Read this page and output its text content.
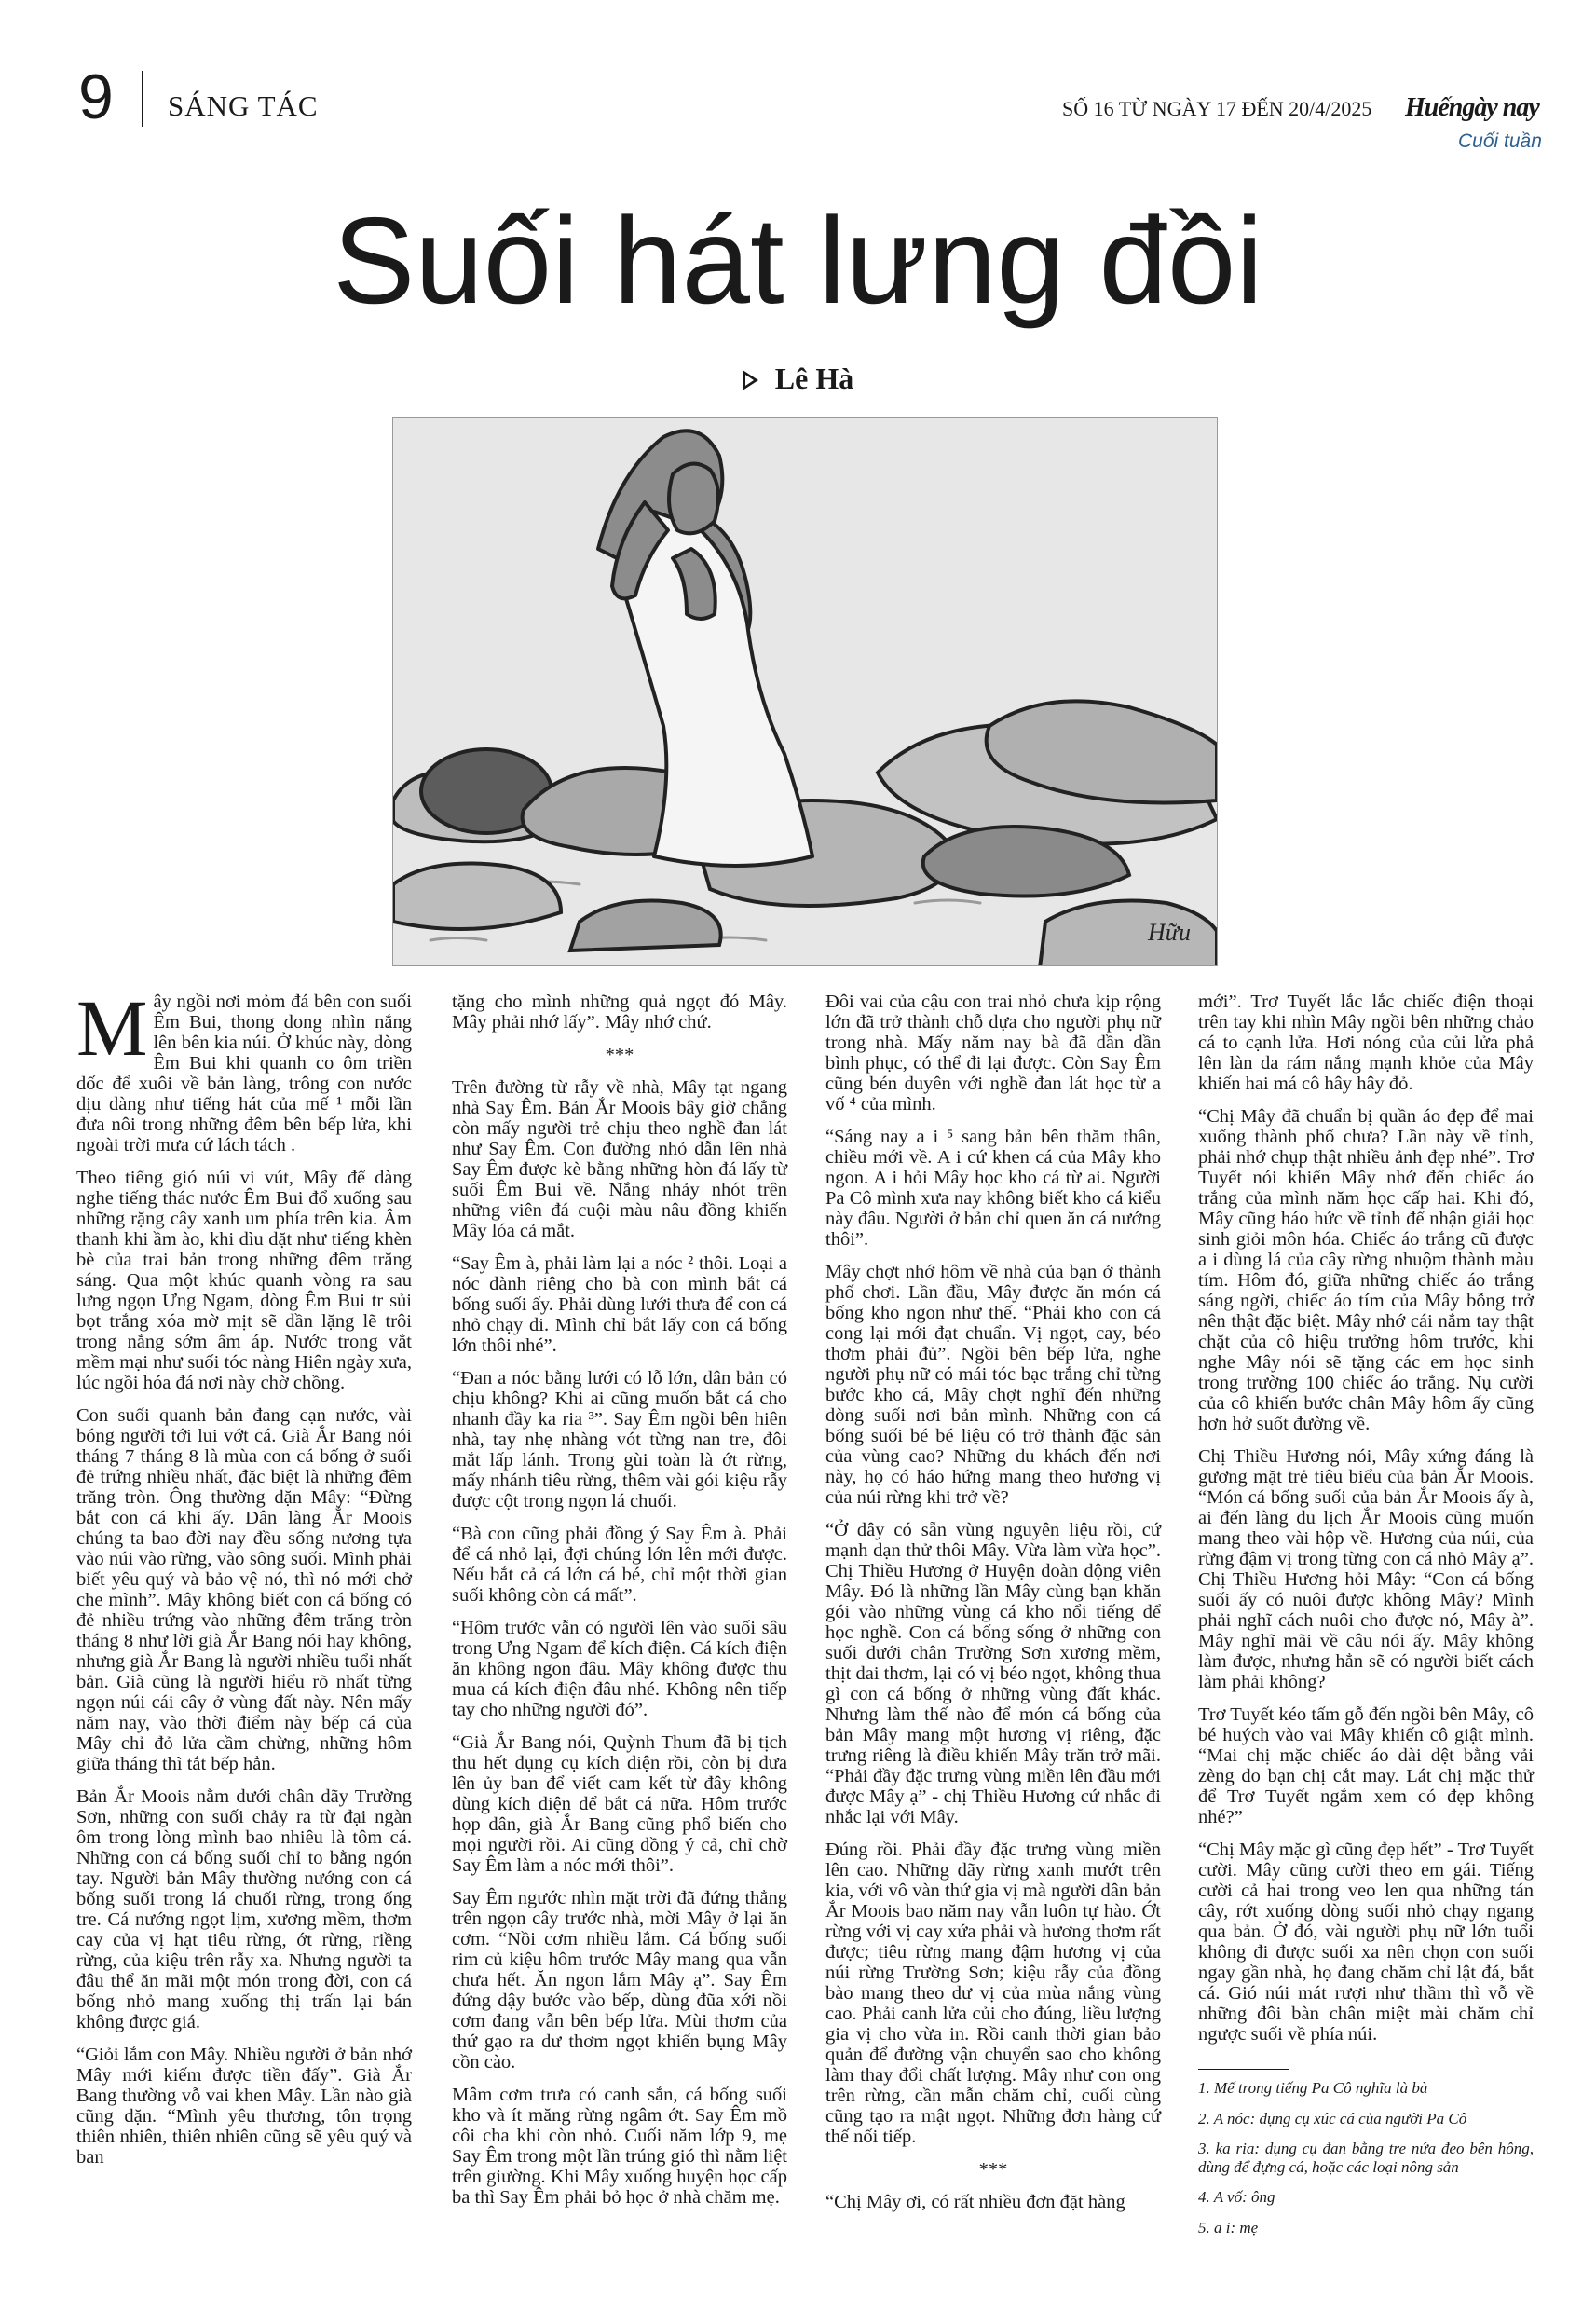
9 SÁNG TÁC	SỐ 16 TỪ NGÀY 17 ĐẾN 20/4/2025 Huếngày nay
Cuối tuần
Suối hát lưng đồi
Lê Hà
Hữu

Mây ngồi nơi mỏm đá bên con suối Êm Bui, thong dong nhìn nắng lên bên kia núi. Ở khúc này, dòng Êm Bui khi quanh co ôm triền dốc để xuôi về bản làng, trông con nước dịu dàng như tiếng hát của mế ¹ mỗi lần đưa nôi trong những đêm bên bếp lửa, khi ngoài trời mưa cứ lách tách .

Theo tiếng gió núi vi vút, Mây để dàng nghe tiếng thác nước Êm Bui đổ xuống sau những rặng cây xanh um phía trên kia. Âm thanh khi ầm ào, khi dìu dặt như tiếng khèn bè của trai bản trong những đêm trăng sáng. Qua một khúc quanh vòng ra sau lưng ngọn Ưng Ngam, dòng Êm Bui tr sủi bọt trắng xóa mờ mịt sẽ dần lặng lẽ trôi trong nắng sớm ấm áp. Nước trong vắt mềm mại như suối tóc nàng Hiên ngày xưa, lúc ngồi hóa đá nơi này chờ chồng.

Con suối quanh bản đang cạn nước, vài bóng người tới lui vớt cá. Già Ắr Bang nói tháng 7 tháng 8 là mùa con cá bống ở suối đẻ trứng nhiều nhất, đặc biệt là những đêm trăng tròn. Ông thường dặn Mây: “Đừng bắt con cá khi ấy. Dân làng Ắr Moois chúng ta bao đời nay đều sống nương tựa vào núi vào rừng, vào sông suối. Mình phải biết yêu quý và bảo vệ nó, thì nó mới chở che mình”. Mây không biết con cá bống có đẻ nhiều trứng vào những đêm trăng tròn tháng 8 như lời già Ắr Bang nói hay không, nhưng già Ắr Bang là người nhiều tuổi nhất bản. Già cũng là người hiểu rõ nhất từng ngọn núi cái cây ở vùng đất này. Nên mấy năm nay, vào thời điểm này bếp cá của Mây chỉ đỏ lửa cầm chừng, những hôm giữa tháng thì tắt bếp hẳn.

Bản Ắr Moois nằm dưới chân dãy Trường Sơn, những con suối chảy ra từ đại ngàn ôm trong lòng mình bao nhiêu là tôm cá. Những con cá bống suối chỉ to bằng ngón tay. Người bản Mây thường nướng con cá bống suối trong lá chuối rừng, trong ống tre. Cá nướng ngọt lịm, xương mềm, thơm cay của vị hạt tiêu rừng, ớt rừng, riềng rừng, của kiệu trên rẫy xa. Nhưng người ta đâu thể ăn mãi một món trong đời, con cá bống nhỏ mang xuống thị trấn lại bán không được giá.

“Giỏi lắm con Mây. Nhiều người ở bản nhớ Mây mới kiếm được tiền đấy”. Già Ắr Bang thường vỗ vai khen Mây. Lần nào già cũng dặn. “Mình yêu thương, tôn trọng thiên nhiên, thiên nhiên cũng sẽ yêu quý và ban

tặng cho mình những quả ngọt đó Mây. Mây phải nhớ lấy”. Mây nhớ chứ.

***

Trên đường từ rẫy về nhà, Mây tạt ngang nhà Say Êm. Bản Ắr Moois bây giờ chẳng còn mấy người trẻ chịu theo nghề đan lát như Say Êm. Con đường nhỏ dẫn lên nhà Say Êm được kè bằng những hòn đá lấy từ suối Êm Bui về. Nắng nhảy nhót trên những viên đá cuội màu nâu đồng khiến Mây lóa cả mắt.

“Say Êm à, phải làm lại a nóc ² thôi. Loại a nóc dành riêng cho bà con mình bắt cá bống suối ấy. Phải dùng lưới thưa để con cá nhỏ chạy đi. Mình chỉ bắt lấy con cá bống lớn thôi nhé”.

“Đan a nóc bằng lưới có lỗ lớn, dân bản có chịu không? Khi ai cũng muốn bắt cá cho nhanh đầy ka ria ³”. Say Êm ngồi bên hiên nhà, tay nhẹ nhàng vót từng nan tre, đôi mắt lấp lánh. Trong gùi toàn là ớt rừng, mấy nhánh tiêu rừng, thêm vài gói kiệu rẫy được cột trong ngọn lá chuối.

“Bà con cũng phải đồng ý Say Êm à. Phải để cá nhỏ lại, đợi chúng lớn lên mới được. Nếu bắt cả cá lớn cá bé, chỉ một thời gian suối không còn cá mất”.

“Hôm trước vẫn có người lên vào suối sâu trong Ưng Ngam để kích điện. Cá kích điện ăn không ngon đâu. Mây không được thu mua cá kích điện đâu nhé. Không nên tiếp tay cho những người đó”.

“Già Ắr Bang nói, Quỳnh Thum đã bị tịch thu hết dụng cụ kích điện rồi, còn bị đưa lên ủy ban để viết cam kết từ đây không dùng kích điện để bắt cá nữa. Hôm trước họp dân, già Ắr Bang cũng phổ biến cho mọi người rồi. Ai cũng đồng ý cả, chỉ chờ Say Êm làm a nóc mới thôi”.

Say Êm ngước nhìn mặt trời đã đứng thẳng trên ngọn cây trước nhà, mời Mây ở lại ăn cơm. “Nồi cơm nhiều lắm. Cá bống suối rim củ kiệu hôm trước Mây mang qua vẫn chưa hết. Ăn ngon lắm Mây ạ”. Say Êm đứng dậy bước vào bếp, dùng đũa xới nồi cơm đang vẫn bên bếp lửa. Mùi thơm của thứ gạo ra dư thơm ngọt khiến bụng Mây cồn cào.

Mâm cơm trưa có canh sắn, cá bống suối kho và ít măng rừng ngâm ớt. Say Êm mồ côi cha khi còn nhỏ. Cuối năm lớp 9, mẹ Say Êm trong một lần trúng gió thì nằm liệt trên giường. Khi Mây xuống huyện học cấp ba thì Say Êm phải bỏ học ở nhà chăm mẹ.

Đôi vai của cậu con trai nhỏ chưa kịp rộng lớn đã trở thành chỗ dựa cho người phụ nữ trong nhà. Mấy năm nay bà đã dần dần bình phục, có thể đi lại được. Còn Say Êm cũng bén duyên với nghề đan lát học từ a vố ⁴ của mình.

“Sáng nay a i ⁵ sang bản bên thăm thân, chiều mới về. A i cứ khen cá của Mây kho ngon. A i hỏi Mây học kho cá từ ai. Người Pa Cô mình xưa nay không biết kho cá kiểu này đâu. Người ở bản chỉ quen ăn cá nướng thôi”.

Mây chợt nhớ hôm về nhà của bạn ở thành phố chơi. Lần đầu, Mây được ăn món cá bống kho ngon như thế. “Phải kho con cá cong lại mới đạt chuẩn. Vị ngọt, cay, béo thơm phải đủ”. Ngồi bên bếp lửa, nghe người phụ nữ có mái tóc bạc trắng chỉ từng bước kho cá, Mây chợt nghĩ đến những dòng suối nơi bản mình. Những con cá bống suối bé bé liệu có trở thành đặc sản của vùng cao? Những du khách đến nơi này, họ có háo hứng mang theo hương vị của núi rừng khi trở về?

“Ở đây có sẵn vùng nguyên liệu rồi, cứ mạnh dạn thử thôi Mây. Vừa làm vừa học”. Chị Thiều Hương ở Huyện đoàn động viên Mây. Đó là những lần Mây cùng bạn khăn gói vào những vùng cá kho nổi tiếng để học nghề. Con cá bống sống ở những con suối dưới chân Trường Sơn xương mềm, thịt dai thơm, lại có vị béo ngọt, không thua gì con cá bống ở những vùng đất khác. Nhưng làm thế nào để món cá bống của bản Mây mang một hương vị riêng, đặc trưng riêng là điều khiến Mây trăn trở mãi. “Phải đầy đặc trưng vùng miền lên đầu mới được Mây ạ” - chị Thiều Hương cứ nhắc đi nhắc lại với Mây.

Đúng rồi. Phải đầy đặc trưng vùng miền lên cao. Những dãy rừng xanh mướt trên kia, với vô vàn thứ gia vị mà người dân bản Ắr Moois bao năm nay vẫn luôn tự hào. Ớt rừng với vị cay xứa phải và hương thơm rất được; tiêu rừng mang đậm hương vị của núi rừng Trường Sơn; kiệu rẫy của đồng bào mang theo dư vị của mùa nắng vùng cao. Phải canh lửa củi cho đúng, liều lượng gia vị cho vừa in. Rồi canh thời gian bảo quản để đường vận chuyển sao cho không làm thay đổi chất lượng. Mây như con ong trên rừng, cần mẫn chăm chỉ, cuối cùng cũng tạo ra mật ngọt. Những đơn hàng cứ thế nối tiếp.

***

“Chị Mây ơi, có rất nhiều đơn đặt hàng

mới”. Trơ Tuyết lắc lắc chiếc điện thoại trên tay khi nhìn Mây ngồi bên những chảo cá to cạnh lửa. Hơi nóng của củi lửa phả lên làn da rám nắng mạnh khỏe của Mây khiến hai má cô hây hây đỏ.

“Chị Mây đã chuẩn bị quần áo đẹp để mai xuống thành phố chưa? Lần này về tỉnh, phải nhớ chụp thật nhiều ảnh đẹp nhé”. Trơ Tuyết nói khiến Mây nhớ đến chiếc áo trắng của mình năm học cấp hai. Khi đó, Mây cũng háo hức về tỉnh để nhận giải học sinh giỏi môn hóa. Chiếc áo trắng cũ được a i dùng lá của cây rừng nhuộm thành màu tím. Hôm đó, giữa những chiếc áo trắng sáng ngời, chiếc áo tím của Mây bỗng trở nên thật đặc biệt. Mây nhớ cái nắm tay thật chặt của cô hiệu trưởng hôm trước, khi nghe Mây nói sẽ tặng các em học sinh trong trường 100 chiếc áo trắng. Nụ cười của cô khiến bước chân Mây hôm ấy cũng hơn hở suốt đường về.

Chị Thiều Hương nói, Mây xứng đáng là gương mặt trẻ tiêu biểu của bản Ắr Moois. “Món cá bống suối của bản Ắr Moois ấy à, ai đến làng du lịch Ắr Moois cũng muốn mang theo vài hộp về. Hương của núi, của rừng đậm vị trong từng con cá nhỏ Mây ạ”. Chị Thiều Hương hỏi Mây: “Con cá bống suối ấy có nuôi được không Mây? Mình phải nghĩ cách nuôi cho được nó, Mây à”. Mây nghĩ mãi về câu nói ấy. Mây không làm được, nhưng hẳn sẽ có người biết cách làm phải không?

Trơ Tuyết kéo tấm gỗ đến ngồi bên Mây, cô bé huých vào vai Mây khiến cô giật mình. “Mai chị mặc chiếc áo dài dệt bằng vải zèng do bạn chị cắt may. Lát chị mặc thử để Trơ Tuyết ngắm xem có đẹp không nhé?”

“Chị Mây mặc gì cũng đẹp hết” - Trơ Tuyết cười. Mây cũng cười theo em gái. Tiếng cười cả hai trong veo len qua những tán cây, rớt xuống dòng suối nhỏ chạy ngang qua bản. Ở đó, vài người phụ nữ lớn tuổi không đi được suối xa nên chọn con suối ngay gần nhà, họ đang chăm chỉ lật đá, bắt cá. Gió núi mát rượi như thầm thì vỗ về những đôi bàn chân miệt mài chăm chỉ ngược suối về phía núi.

1. Mế trong tiếng Pa Cô nghĩa là bà

2. A nóc: dụng cụ xúc cá của người Pa Cô

3. ka ria: dụng cụ đan bằng tre nứa đeo bên hông, dùng để đựng cá, hoặc các loại nông sản

4. A vố: ông

5. a i: mẹ
